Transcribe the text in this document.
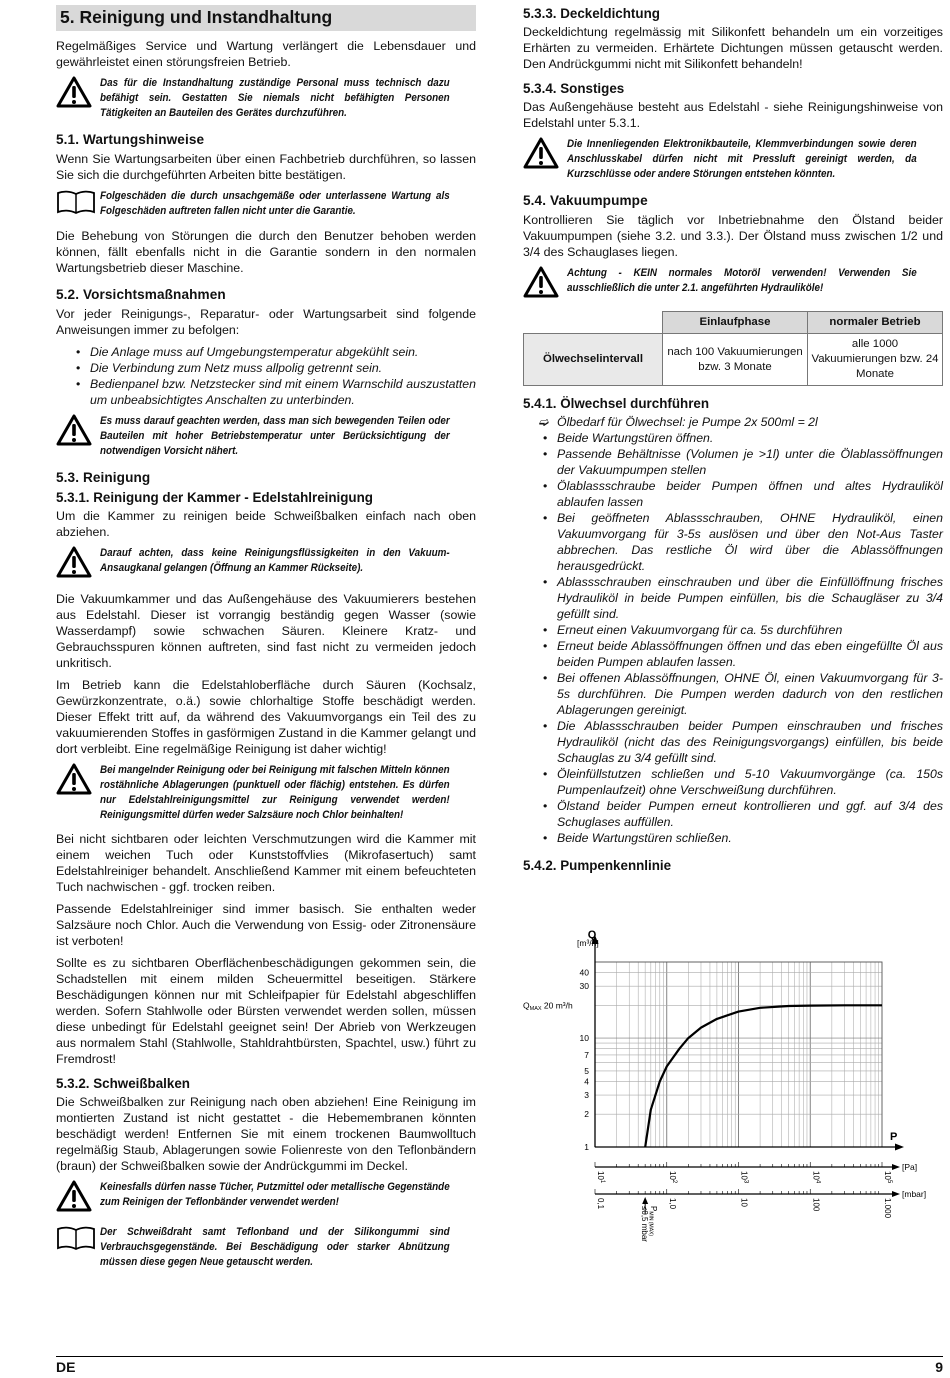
5. Reinigung und Instandhaltung

Regelmäßiges Service und Wartung verlängert die Lebensdauer und gewährleistet einen störungsfreien Betrieb.

Das für die Instandhaltung zuständige Personal muss technisch dazu befähigt sein. Gestatten Sie niemals nicht befähigten Personen Tätigkeiten an Bauteilen des Gerätes durchzuführen.
5.1. Wartungshinweise

Wenn Sie Wartungsarbeiten über einen Fachbetrieb durchführen, so lassen Sie sich die durchgeführten Arbeiten bitte bestätigen.

Folgeschäden die durch unsachgemäße oder unterlassene Wartung als Folgeschäden auftreten fallen nicht unter die Garantie.

Die Behebung von Störungen die durch den Benutzer behoben werden können, fällt ebenfalls nicht in die Garantie sondern in den normalen Wartungsbetrieb dieser Maschine.

5.2. Vorsichtsmaßnahmen

Vor jeder Reinigungs-, Reparatur- oder Wartungsarbeit sind folgende Anweisungen immer zu befolgen:

• Die Anlage muss auf Umgebungstemperatur abgekühlt sein.
• Die Verbindung zum Netz muss allpolig getrennt sein.
• Bedienpanel bzw. Netzstecker sind mit einem Warnschild auszustatten um unbeabsichtigtes Anschalten zu unterbinden.
Es muss darauf geachten werden, dass man sich bewegenden Teilen oder Bauteilen mit hoher Betriebstemperatur unter Berücksichtigung der notwendigen Vorsicht nähert.
5.3. Reinigung
5.3.1. Reinigung der Kammer - Edelstahlreinigung

Um die Kammer zu reinigen beide Schweißbalken einfach nach oben abziehen.

Darauf achten, dass keine Reinigungsflüssigkeiten in den Vakuum-Ansaugkanal gelangen (Öffnung an Kammer Rückseite).

Die Vakuumkammer und das Außengehäuse des Vakuumierers bestehen aus Edelstahl. Dieser ist vorrangig beständig gegen Wasser (sowie Wasserdampf) sowie schwachen Säuren. Kleinere Kratz- und Gebrauchsspuren können auftreten, sind fast nicht zu vermeiden jedoch unkritisch.

Im Betrieb kann die Edelstahloberfläche durch Säuren (Kochsalz, Gewürzkonzentrate, o.ä.) sowie chlorhaltige Stoffe beschädigt werden. Dieser Effekt tritt auf, da während des Vakuumvorgangs ein Teil des zu vakuumierenden Stoffes in gasförmigen Zustand in die Kammer gelangt und dort verbleibt. Eine regelmäßige Reinigung ist daher wichtig!

Bei mangelnder Reinigung oder bei Reinigung mit falschen Mitteln können rostähnliche Ablagerungen (punktuell oder flächig) entstehen. Es dürfen nur Edelstahlreinigungsmittel zur Reinigung verwendet werden! Reinigungsmittel dürfen weder Salzsäure noch Chlor beinhalten!

Bei nicht sichtbaren oder leichten Verschmutzungen wird die Kammer mit einem weichen Tuch oder Kunststoffvlies (Mikrofasertuch) samt Edelstahlreiniger behandelt. Anschließend Kammer mit einem befeuchteten Tuch nachwischen - ggf. trocken reiben.

Passende Edelstahlreiniger sind immer basisch. Sie enthalten weder Salzsäure noch Chlor. Auch die Verwendung von Essig- oder Zitronensäure ist verboten!

Sollte es zu sichtbaren Oberflächenbeschädigungen gekommen sein, die Schadstellen mit einem milden Scheuermittel beseitigen. Stärkere Beschädigungen können nur mit Schleifpapier für Edelstahl abgeschliffen werden. Sofern Stahlwolle oder Bürsten verwendet werden sollen, müssen diese unbedingt für Edelstahl geeignet sein! Der Abrieb von Werkzeugen aus normalem Stahl (Stahlwolle, Stahldrahtbürsten, Spachtel, usw.) führt zu Fremdrost!

5.3.2. Schweißbalken

Die Schweißbalken zur Reinigung nach oben abziehen! Eine Reinigung im montierten Zustand ist nicht gestattet - die Hebemembranen könnten beschädigt werden! Entfernen Sie mit einem trockenen Baumwolltuch regelmäßig Staub, Ablagerungen sowie Folienreste von den Teflonbändern (braun) der Schweißbalken sowie der Andrückgummi im Deckel.

Keinesfalls dürfen nasse Tücher, Putzmittel oder metallische Gegenstände zum Reinigen der Teflonbänder verwendet werden!
Der Schweißdraht samt Teflonband und der Silikongummi sind Verbrauchsgegenstände. Bei Beschädigung oder starker Abnützung müssen diese gegen Neue getauscht werden.
5.3.3. Deckeldichtung

Deckeldichtung regelmässig mit Silikonfett behandeln um ein vorzeitiges Erhärten zu vermeiden. Erhärtete Dichtungen müssen getauscht werden. Den Andrückgummi nicht mit Silikonfett behandeln!

5.3.4. Sonstiges

Das Außengehäuse besteht aus Edelstahl - siehe Reinigungshinweise von Edelstahl unter 5.3.1.

Die Innenliegenden Elektronikbauteile, Klemmverbindungen sowie deren Anschlusskabel dürfen nicht mit Pressluft gereinigt werden, da Kurzschlüsse oder andere Störungen entstehen könnten.
5.4. Vakuumpumpe

Kontrollieren Sie täglich vor Inbetriebnahme den Ölstand beider Vakuumpumpen (siehe 3.2. und 3.3.). Der Ölstand muss zwischen 1/2 und 3/4 des Schauglases liegen.

Achtung - KEIN normales Motoröl verwenden! Verwenden Sie ausschließlich die unter 2.1. angeführten Hydrauliköle!
	Einlaufphase	normaler Betrieb
Ölwechselintervall	nach 100 Vakuumierungen bzw. 3 Monate	alle 1000 Vakuumierungen bzw. 24 Monate
5.4.1. Ölwechsel durchführen
➫ Ölbedarf für Ölwechsel: je Pumpe 2x 500ml = 2l
• Beide Wartungstüren öffnen.
• Passende Behältnisse (Volumen je >1l) unter die Ölablassöffnungen der Vakuumpumpen stellen
• Ölablassschraube beider Pumpen öffnen und altes Hydrauliköl ablaufen lassen
• Bei geöffneten Ablassschrauben, OHNE Hydrauliköl, einen Vakuumvorgang für 3-5s auslösen und über den Not-Aus Taster abbrechen. Das restliche Öl wird über die Ablassöffnungen herausgedrückt.
• Ablassschrauben einschrauben und über die Einfüllöffnung frisches Hydrauliköl in beide Pumpen einfüllen, bis die Schaugläser zu 3/4 gefüllt sind.
• Erneut einen Vakuumvorgang für ca. 5s durchführen
• Erneut beide Ablassöffnungen öffnen und das eben eingefüllte Öl aus beiden Pumpen ablaufen lassen.
• Bei offenen Ablassöffnungen, OHNE Öl, einen Vakuumvorgang für 3-5s durchführen. Die Pumpen werden dadurch von den restlichen Ablagerungen gereinigt.
• Die Ablassschrauben beider Pumpen einschrauben und frisches Hydrauliköl (nicht das des Reinigungsvorgangs) einfüllen, bis beide Schauglas zu 3/4 gefüllt sind.
• Öleinfüllstutzen schließen und 5-10 Vakuumvorgänge (ca. 150s Pumpenlaufzeit) ohne Verschweißung durchführen.
• Ölstand beider Pumpen erneut kontrollieren und ggf. auf 3/4 des Schuglases auffüllen.
• Beide Wartungstüren schließen.
5.4.2. Pumpenkennlinie
Q
[m³/h]
P
40
30
10
7
5
4
3
2
1
QMAX 20 m³/h
[Pa]
$10^1$
$10^2$
$10^3$
$10^4$
$10^5$
[mbar]
0,1	1,0	10	100	1.000
PMIN (MAX)
≤0,5 mbar
DE	9
